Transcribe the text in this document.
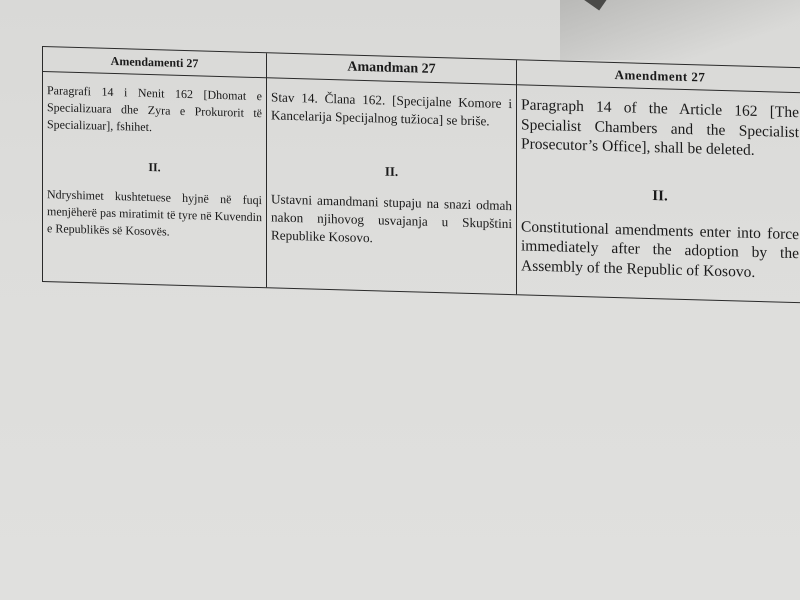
Amendamenti 27

Paragrafi 14 i Nenit 162 [Dhomat e Specializuara dhe Zyra e Prokurorit të Specializuar], fshihet.

II.

Ndryshimet kushtetuese hyjnë në fuqi menjëherë pas miratimit të tyre në Kuvendin e Republikës së Kosovës.

Amandman 27

Stav 14. Člana 162. [Specijalne Komore i Kancelarija Specijalnog tužioca] se briše.

II.

Ustavni amandmani stupaju na snazi odmah nakon njihovog usvajanja u Skupštini Republike Kosovo.

Amendment 27

Paragraph 14 of the Article 162 [The Specialist Chambers and the Specialist Prosecutor’s Office], shall be deleted.

II.

Constitutional amendments enter into force immediately after the adoption by the Assembly of the Republic of Kosovo.
